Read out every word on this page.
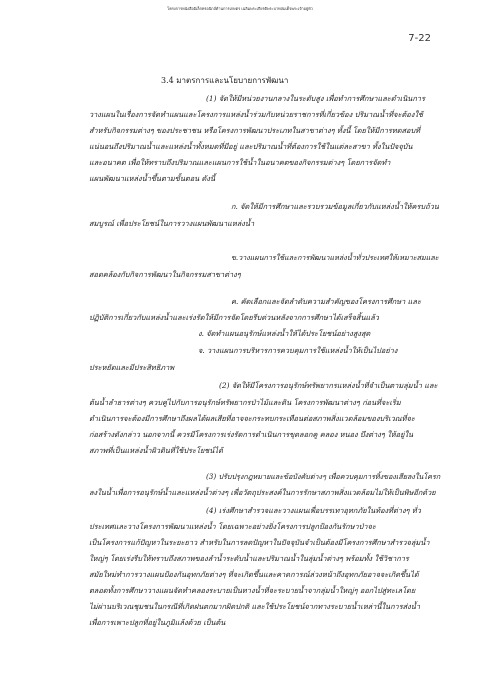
โครงการหนังสืออิเล็กทรอนิกส์ด้านการเกษตร เฉลิมพระเกียรติพระบาทสมเด็จพระเจ้าอยู่หัว
7-22
3.4 มาตรการและนโยบายการพัฒนา
(1) จัดให้มีหน่วยงานกลางในระดับสูง เพื่อทำการศึกษาและดำเนินการ
วางแผนในเรื่องการจัดทำแผนและโครงการแหล่งน้ำร่วมกับหน่วยราชการที่เกี่ยวข้อง ปริมาณน้ำที่จะต้องใช้
สำหรับกิจกรรมต่างๆ ของประชาชน หรือโครงการพัฒนาประเภทในสาขาต่างๆ ทั้งนี้ โดยให้มีการทดสอบที่
แน่นอนถึงปริมาณน้ำและแหล่งน้ำทั้งหมดที่มีอยู่ และปริมาณน้ำที่ต้องการใช้ในแต่ละสาขา ทั้งในปัจจุบัน
และอนาคต เพื่อให้ทราบถึงปริมาณและแผนการใช้น้ำในอนาคตของกิจกรรมต่างๆ โดยการจัดทำ
แผนพัฒนาแหล่งน้ำขึ้นตามขั้นตอน ดังนี้
ก. จัดให้มีการศึกษาและรวบรวมข้อมูลเกี่ยวกับแหล่งน้ำให้ครบถ้วน
สมบูรณ์ เพื่อประโยชน์ในการวางแผนพัฒนาแหล่งน้ำ
ข.วางแผนการใช้และการพัฒนาแหล่งน้ำทั่วประเทศให้เหมาะสมและ
สอดคล้องกับกิจการพัฒนาในกิจกรรมสาขาต่างๆ
ค. คัดเลือกและจัดลำดับความสำคัญของโครงการศึกษา และ
ปฏิบัติการเกี่ยวกับแหล่งน้ำและเร่งรัดให้มีการจัดโดยรีบด่วนหลังจากการศึกษาได้เสร็จสิ้นแล้ว
ง. จัดทำแผนอนุรักษ์แหล่งน้ำให้ได้ประโยชน์อย่างสูงสุด
จ. วางแผนการบริหารการควบคุมการใช้แหล่งน้ำให้เป็นไปอย่าง
ประหยัดและมีประสิทธิภาพ
(2) จัดให้มีโครงการอนุรักษ์ทรัพยากรแหล่งน้ำที่จำเป็นตามลุ่มน้ำ และ
ต้นน้ำลำธารต่างๆ ควบคู่ไปกับการอนุรักษ์ทรัพยากรป่าไม้และดิน โครงการพัฒนาต่างๆ ก่อนที่จะเริ่ม
ดำเนินการจะต้องมีการศึกษาถึงผลได้ผลเสียที่อาจจะกระทบกระเทือนต่อสภาพสิ่งแวดล้อมของบริเวณที่จะ
ก่อสร้างดังกล่าว นอกจากนี้ ควรมีโครงการเร่งรัดการดำเนินการขุดลอกคู คลอง หนอง บึงต่างๆ ให้อยู่ใน
สภาพที่เป็นแหล่งน้ำผิวดินที่ใช้ประโยชน์ได้
(3) ปรับปรุงกฎหมายและข้อบังคับต่างๆ เพื่อควบคุมการทิ้งของเสียลงในโครก
ลงในน้ำเพื่อการอนุรักษ์น้ำและแหล่งน้ำต่างๆ เพื่อวัตถุประสงค์ในการรักษาสภาพสิ่งแวดล้อมไม่ให้เป็นพิษอีกด้วย
(4) เร่งศึกษาสำรวจและวางแผนเพื่อบรรเทาอุทกภัยในท้องที่ต่างๆ ทั่ว
ประเทศและวางโครงการพัฒนาแหล่งน้ำ โดยเฉพาะอย่างยิ่งโครงการปลูกป้องกันรักษาป่าจะ
เป็นโครงการแก้ปัญหาในระยะยาว สำหรับในการลดปัญหาในปัจจุบันจำเป็นต้องมีโครงการศึกษาสำรวจลุ่มน้ำ
ใหญ่ๆ โดยเร่งรีบให้ทราบถึงสภาพของลำน้ำระดับน้ำและปริมาณน้ำในลุ่มน้ำต่างๆ พร้อมทั้ง ใช้วิชาการ
สมัยใหม่ทำการวางแผนป้องกันอุทกภัยต่างๆ ที่จะเกิดขึ้นและคาดการณ์ล่วงหน้าถึงอุทกภัยอาจจะเกิดขึ้นได้
ตลอดทั้งการศึกษาวางแผนจัดทำคลองระบายเป็นทางน้ำที่จะระบายน้ำจากลุ่มน้ำใหญ่ๆ ออกไปสู่ทะเลโดย
ไม่ผ่านบริเวณชุมชนในกรณีที่เกิดฝนตกมากผิดปกติ และใช้ประโยชน์จากทางระบายน้ำเหล่านี้ในการส่งน้ำ
เพื่อการเพาะปลูกที่อยู่ในภูมิแล้งด้วย เป็นต้น
